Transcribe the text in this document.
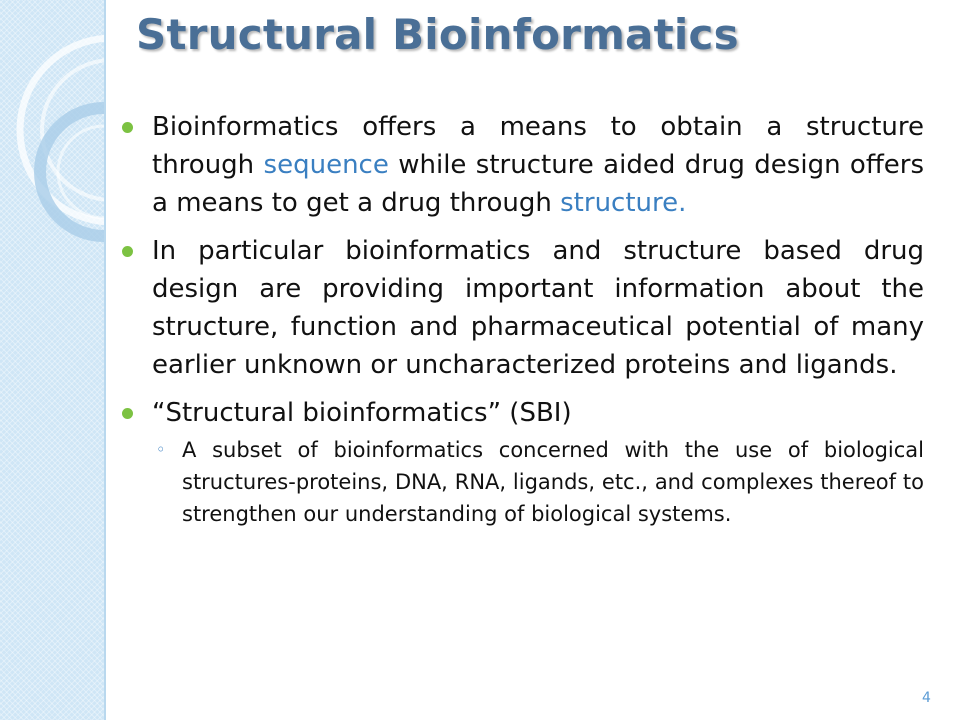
Structural Bioinformatics
Bioinformatics offers a means to obtain a structure through sequence while structure aided drug design offers a means to get a drug through structure.
In particular bioinformatics and structure based drug design are providing important information about the structure, function and pharmaceutical potential of many earlier unknown or uncharacterized proteins and ligands.
“Structural bioinformatics” (SBI)
◦ A subset of bioinformatics concerned with the use of biological structures-proteins, DNA, RNA, ligands, etc., and complexes thereof to strengthen our understanding of biological systems.
4
